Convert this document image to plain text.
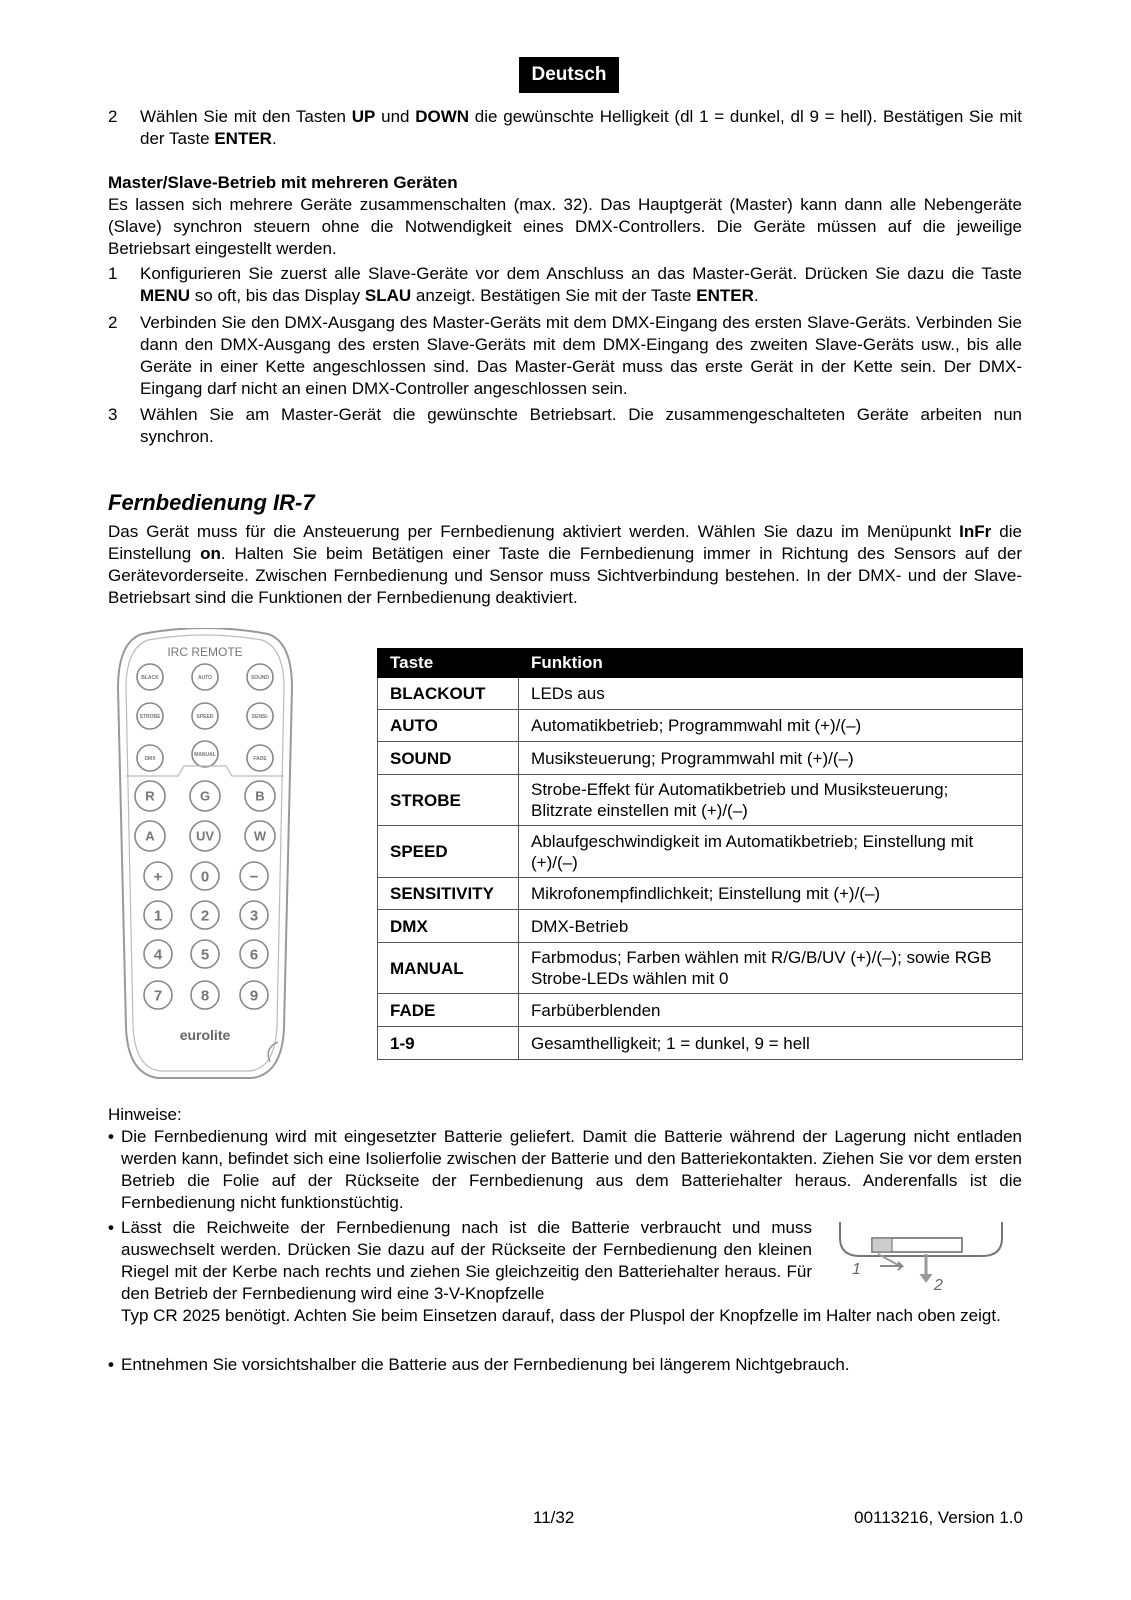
Deutsch
2	Wählen Sie mit den Tasten UP und DOWN die gewünschte Helligkeit (dl 1 = dunkel, dl 9 = hell). Bestätigen Sie mit der Taste ENTER.
Master/Slave-Betrieb mit mehreren Geräten
Es lassen sich mehrere Geräte zusammenschalten (max. 32). Das Hauptgerät (Master) kann dann alle Nebengeräte (Slave) synchron steuern ohne die Notwendigkeit eines DMX-Controllers. Die Geräte müssen auf die jeweilige Betriebsart eingestellt werden.
1	Konfigurieren Sie zuerst alle Slave-Geräte vor dem Anschluss an das Master-Gerät. Drücken Sie dazu die Taste MENU so oft, bis das Display SLAU anzeigt. Bestätigen Sie mit der Taste ENTER.
2	Verbinden Sie den DMX-Ausgang des Master-Geräts mit dem DMX-Eingang des ersten Slave-Geräts. Verbinden Sie dann den DMX-Ausgang des ersten Slave-Geräts mit dem DMX-Eingang des zweiten Slave-Geräts usw., bis alle Geräte in einer Kette angeschlossen sind. Das Master-Gerät muss das erste Gerät in der Kette sein. Der DMX-Eingang darf nicht an einen DMX-Controller angeschlossen sein.
3	Wählen Sie am Master-Gerät die gewünschte Betriebsart. Die zusammengeschalteten Geräte arbeiten nun synchron.
Fernbedienung IR-7
Das Gerät muss für die Ansteuerung per Fernbedienung aktiviert werden. Wählen Sie dazu im Menüpunkt InFr die Einstellung on. Halten Sie beim Betätigen einer Taste die Fernbedienung immer in Richtung des Sensors auf der Gerätevorderseite. Zwischen Fernbedienung und Sensor muss Sichtverbindung bestehen. In der DMX- und der Slave-Betriebsart sind die Funktionen der Fernbedienung deaktiviert.
IRC REMOTE
BLACK	AUTO	SOUND
STROBE	SPEED	SENSI-
DMX
MANUAL
FADE
R	G	B
A	UV	W
+	0	−
1	2	3
4	5	6
7	8	9
eurolite
Taste	Funktion
BLACKOUT	LEDs aus
AUTO	Automatikbetrieb; Programmwahl mit (+)/(–)
SOUND	Musiksteuerung; Programmwahl mit (+)/(–)
STROBE	Strobe-Effekt für Automatikbetrieb und Musiksteuerung; Blitzrate einstellen mit (+)/(–)
SPEED	Ablaufgeschwindigkeit im Automatikbetrieb; Einstellung mit (+)/(–)
SENSITIVITY	Mikrofonempfindlichkeit; Einstellung mit (+)/(–)
DMX	DMX-Betrieb
MANUAL	Farbmodus; Farben wählen mit R/G/B/UV (+)/(–); sowie RGB Strobe-LEDs wählen mit 0
FADE	Farbüberblenden
1-9	Gesamthelligkeit; 1 = dunkel, 9 = hell
Hinweise:
• Die Fernbedienung wird mit eingesetzter Batterie geliefert. Damit die Batterie während der Lagerung nicht entladen werden kann, befindet sich eine Isolierfolie zwischen der Batterie und den Batteriekontakten. Ziehen Sie vor dem ersten Betrieb die Folie auf der Rückseite der Fernbedienung aus dem Batteriehalter heraus. Anderenfalls ist die Fernbedienung nicht funktionstüchtig.
• Lässt die Reichweite der Fernbedienung nach ist die Batterie verbraucht und muss auswechselt werden. Drücken Sie dazu auf der Rückseite der Fernbedienung den kleinen Riegel mit der Kerbe nach rechts und ziehen Sie gleichzeitig den Batteriehalter heraus. Für den Betrieb der Fernbedienung wird eine 3-V-Knopfzelle
Typ CR 2025 benötigt. Achten Sie beim Einsetzen darauf, dass der Pluspol der Knopfzelle im Halter nach oben zeigt.
1
2
• Entnehmen Sie vorsichtshalber die Batterie aus der Fernbedienung bei längerem Nichtgebrauch.
11/32	00113216, Version 1.0
